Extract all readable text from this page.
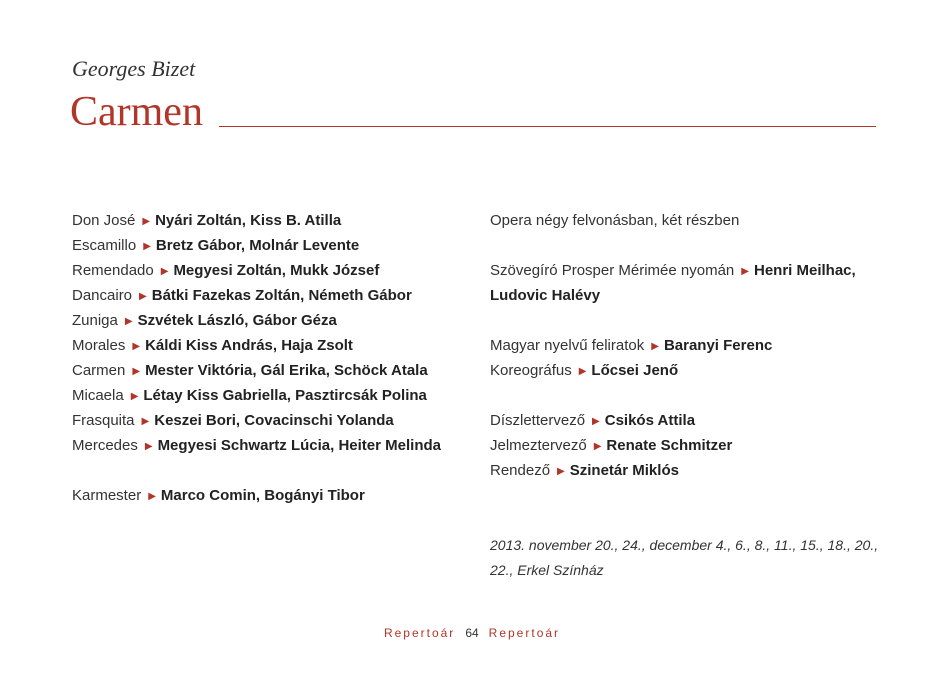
Georges Bizet
Carmen
Don José ▶ Nyári Zoltán, Kiss B. Atilla
Escamillo ▶ Bretz Gábor, Molnár Levente
Remendado ▶ Megyesi Zoltán, Mukk József
Dancairo ▶ Bátki Fazekas Zoltán, Németh Gábor
Zuniga ▶ Szvétek László, Gábor Géza
Morales ▶ Káldi Kiss András, Haja Zsolt
Carmen ▶ Mester Viktória, Gál Erika, Schöck Atala
Micaela ▶ Létay Kiss Gabriella, Pasztircsák Polina
Frasquita ▶ Keszei Bori, Covacinschi Yolanda
Mercedes ▶ Megyesi Schwartz Lúcia, Heiter Melinda
Karmester ▶ Marco Comin, Bogányi Tibor
Opera négy felvonásban, két részben
Szövegíró Prosper Mérimée nyomán ▶ Henri Meilhac,
Ludovic Halévy
Magyar nyelvű feliratok ▶ Baranyi Ferenc
Koreográfus ▶ Lőcsei Jenő
Díszlettervező ▶ Csikós Attila
Jelmeztervező ▶ Renate Schmitzer
Rendező ▶ Szinetár Miklós
2013. november 20., 24., december 4., 6., 8., 11., 15., 18., 20.,
22., Erkel Színház
Repertoár 64 Repertoár
